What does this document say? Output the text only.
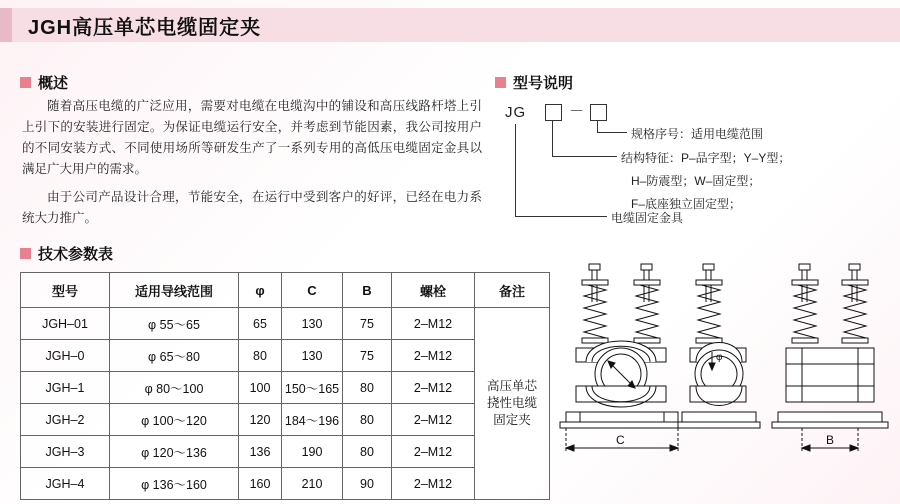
JGH高压单芯电缆固定夹
概述

随着高压电缆的广泛应用，需要对电缆在电缆沟中的铺设和高压线路杆塔上引上引下的安装进行固定。为保证电缆运行安全，并考虑到节能因素，我公司按用户的不同安装方式、不同使用场所等研发生产了一系列专用的高低压电缆固定金具以满足广大用户的需求。

由于公司产品设计合理，节能安全，在运行中受到客户的好评，已经在电力系统大力推广。

型号说明
JG	－
规格序号：适用电缆范围
结构特征：P–品字型；Y–Y型；
H–防震型；W–固定型；
F–底座独立固定型；
电缆固定金具
技术参数表
型号	适用导线范围	φ	C	B	螺栓	备注
JGH–01	φ 55～65	65	130	75	2–M12	高压单芯
挠性电缆
固定夹

JGH–0	φ 65～80	80	130	75	2–M12	
JGH–1	φ 80～100	100	150～165	80	2–M12	
JGH–2	φ 100～120	120	184～196	80	2–M12	
JGH–3	φ 120～136	136	190	80	2–M12	
JGH–4	φ 136～160	160	210	90	2–M12	
φ
C	B
